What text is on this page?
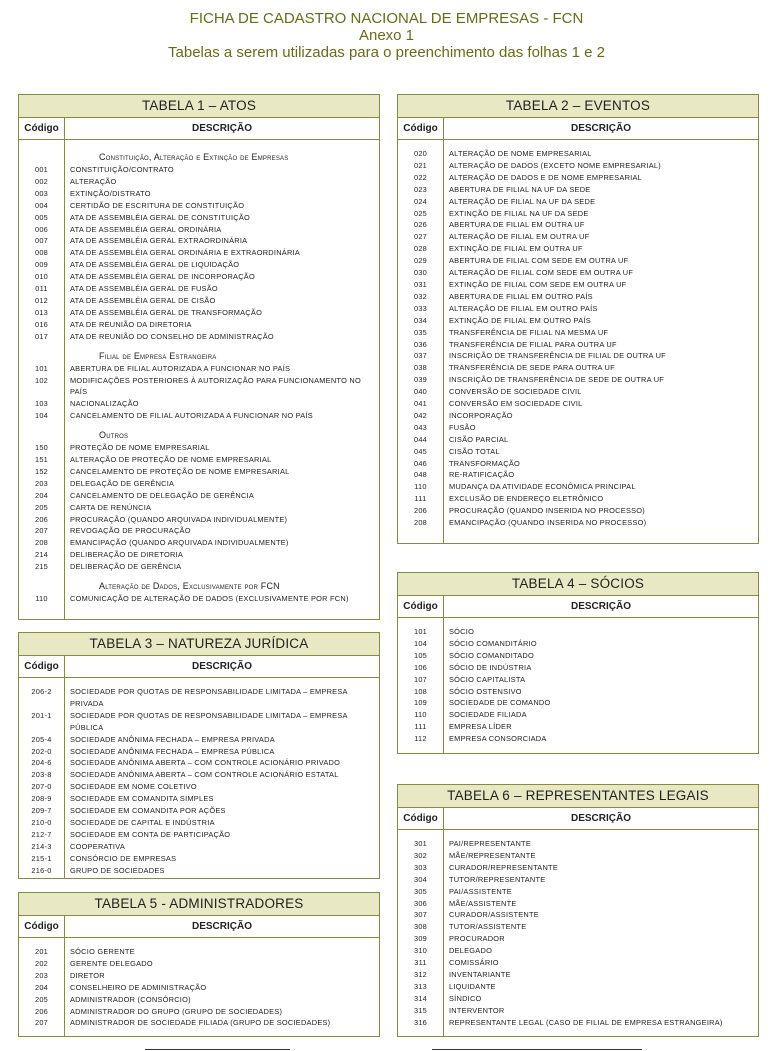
FICHA DE CADASTRO NACIONAL DE EMPRESAS - FCN
Anexo 1
Tabelas a serem utilizadas para o preenchimento das folhas 1 e 2
TABELA 1 – ATOS
Código	DESCRIÇÃO
Constituição, Alteração e Extinção de Empresas
001	CONSTITUIÇÃO/CONTRATO
002	ALTERAÇÃO
003	EXTINÇÃO/DISTRATO
004	CERTIDÃO DE ESCRITURA DE CONSTITUIÇÃO
005	ATA DE ASSEMBLÉIA GERAL DE CONSTITUIÇÃO
006	ATA DE ASSEMBLÉIA GERAL ORDINÁRIA
007	ATA DE ASSEMBLÉIA GERAL EXTRAORDINÁRIA
008	ATA DE ASSEMBLÉIA GERAL ORDINÁRIA E EXTRAORDINÁRIA
009	ATA DE ASSEMBLÉIA GERAL DE LIQUIDAÇÃO
010	ATA DE ASSEMBLÉIA GERAL DE INCORPORAÇÃO
011	ATA DE ASSEMBLÉIA GERAL DE FUSÃO
012	ATA DE ASSEMBLÉIA GERAL DE CISÃO
013	ATA DE ASSEMBLÉIA GERAL DE TRANSFORMAÇÃO
016	ATA DE REUNIÃO DA DIRETORIA
017	ATA DE REUNIÃO DO CONSELHO DE ADMINISTRAÇÃO
Filial de Empresa Estrangeira
101	ABERTURA DE FILIAL AUTORIZADA A FUNCIONAR NO PAÍS
102	MODIFICAÇÕES POSTERIORES À AUTORIZAÇÃO PARA FUNCIONAMENTO NO PAÍS
103	NACIONALIZAÇÃO
104	CANCELAMENTO DE FILIAL AUTORIZADA A FUNCIONAR NO PAÍS
Outros
150	PROTEÇÃO DE NOME EMPRESARIAL
151	ALTERAÇÃO DE PROTEÇÃO DE NOME EMPRESARIAL
152	CANCELAMENTO DE PROTEÇÃO DE NOME EMPRESARIAL
203	DELEGAÇÃO DE GERÊNCIA
204	CANCELAMENTO DE DELEGAÇÃO DE GERÊNCIA
205	CARTA DE RENÚNCIA
206	PROCURAÇÃO (QUANDO ARQUIVADA INDIVIDUALMENTE)
207	REVOGAÇÃO DE PROCURAÇÃO
208	EMANCIPAÇÃO (QUANDO ARQUIVADA INDIVIDUALMENTE)
214	DELIBERAÇÃO DE DIRETORIA
215	DELIBERAÇÃO DE GERÊNCIA
Alteração de Dados, Exclusivamente por FCN
110	COMUNICAÇÃO DE ALTERAÇÃO DE DADOS (EXCLUSIVAMENTE POR FCN)
TABELA 2 – EVENTOS
Código	DESCRIÇÃO
020	ALTERAÇÃO DE NOME EMPRESARIAL
021	ALTERAÇÃO DE DADOS (EXCETO NOME EMPRESARIAL)
022	ALTERAÇÃO DE DADOS E DE NOME EMPRESARIAL
023	ABERTURA DE FILIAL NA UF DA SEDE
024	ALTERAÇÃO DE FILIAL NA UF DA SEDE
025	EXTINÇÃO DE FILIAL NA UF DA SEDE
026	ABERTURA DE FILIAL EM OUTRA UF
027	ALTERAÇÃO DE FILIAL EM OUTRA UF
028	EXTINÇÃO DE FILIAL EM OUTRA UF
029	ABERTURA DE FILIAL COM SEDE EM OUTRA UF
030	ALTERAÇÃO DE FILIAL COM SEDE EM OUTRA UF
031	EXTINÇÃO DE FILIAL COM SEDE EM OUTRA UF
032	ABERTURA DE FILIAL EM OUTRO PAÍS
033	ALTERAÇÃO DE FILIAL EM OUTRO PAÍS
034	EXTINÇÃO DE FILIAL EM OUTRO PAÍS
035	TRANSFERÊNCIA DE FILIAL NA MESMA UF
036	TRANSFERÊNCIA DE FILIAL PARA OUTRA UF
037	INSCRIÇÃO DE TRANSFERÊNCIA DE FILIAL DE OUTRA UF
038	TRANSFERÊNCIA DE SEDE PARA OUTRA UF
039	INSCRIÇÃO DE TRANSFERÊNCIA DE SEDE DE OUTRA UF
040	CONVERSÃO DE SOCIEDADE CIVIL
041	CONVERSÃO EM SOCIEDADE CIVIL
042	INCORPORAÇÃO
043	FUSÃO
044	CISÃO PARCIAL
045	CISÃO TOTAL
046	TRANSFORMAÇÃO
048	RE-RATIFICAÇÃO
110	MUDANÇA DA ATIVIDADE ECONÔMICA PRINCIPAL
111	EXCLUSÃO DE ENDEREÇO ELETRÔNICO
206	PROCURAÇÃO (QUANDO INSERIDA NO PROCESSO)
208	EMANCIPAÇÃO (QUANDO INSERIDA NO PROCESSO)
TABELA 3 – NATUREZA JURÍDICA
Código	DESCRIÇÃO
206-2	SOCIEDADE POR QUOTAS DE RESPONSABILIDADE LIMITADA – EMPRESA PRIVADA
201-1	SOCIEDADE POR QUOTAS DE RESPONSABILIDADE LIMITADA – EMPRESA PÚBLICA
205-4	SOCIEDADE ANÔNIMA FECHADA – EMPRESA PRIVADA
202-0	SOCIEDADE ANÔNIMA FECHADA – EMPRESA PÚBLICA
204-6	SOCIEDADE ANÔNIMA ABERTA – COM CONTROLE ACIONÁRIO PRIVADO
203-8	SOCIEDADE ANÔNIMA ABERTA – COM CONTROLE ACIONÁRIO ESTATAL
207-0	SOCIEDADE EM NOME COLETIVO
208-9	SOCIEDADE EM COMANDITA SIMPLES
209-7	SOCIEDADE EM COMANDITA POR AÇÕES
210-0	SOCIEDADE DE CAPITAL E INDÚSTRIA
212-7	SOCIEDADE EM CONTA DE PARTICIPAÇÃO
214-3	COOPERATIVA
215-1	CONSÓRCIO DE EMPRESAS
216-0	GRUPO DE SOCIEDADES
TABELA 4 – SÓCIOS
Código	DESCRIÇÃO
101	SÓCIO
104	SÓCIO COMANDITÁRIO
105	SÓCIO COMANDITADO
106	SÓCIO DE INDÚSTRIA
107	SÓCIO CAPITALISTA
108	SÓCIO OSTENSIVO
109	SOCIEDADE DE COMANDO
110	SOCIEDADE FILIADA
111	EMPRESA LÍDER
112	EMPRESA CONSORCIADA
TABELA 5 - ADMINISTRADORES
Código	DESCRIÇÃO
201	SÓCIO GERENTE
202	GERENTE DELEGADO
203	DIRETOR
204	CONSELHEIRO DE ADMINISTRAÇÃO
205	ADMINISTRADOR (CONSÓRCIO)
206	ADMINISTRADOR DO GRUPO (GRUPO DE SOCIEDADES)
207	ADMINISTRADOR DE SOCIEDADE FILIADA (GRUPO DE SOCIEDADES)
TABELA 6 – REPRESENTANTES LEGAIS
Código	DESCRIÇÃO
301	PAI/REPRESENTANTE
302	MÃE/REPRESENTANTE
303	CURADOR/REPRESENTANTE
304	TUTOR/REPRESENTANTE
305	PAI/ASSISTENTE
306	MÃE/ASSISTENTE
307	CURADOR/ASSISTENTE
308	TUTOR/ASSISTENTE
309	PROCURADOR
310	DELEGADO
311	COMISSÁRIO
312	INVENTARIANTE
313	LIQUIDANTE
314	SÍNDICO
315	INTERVENTOR
316	REPRESENTANTE LEGAL (CASO DE FILIAL DE EMPRESA ESTRANGEIRA)
